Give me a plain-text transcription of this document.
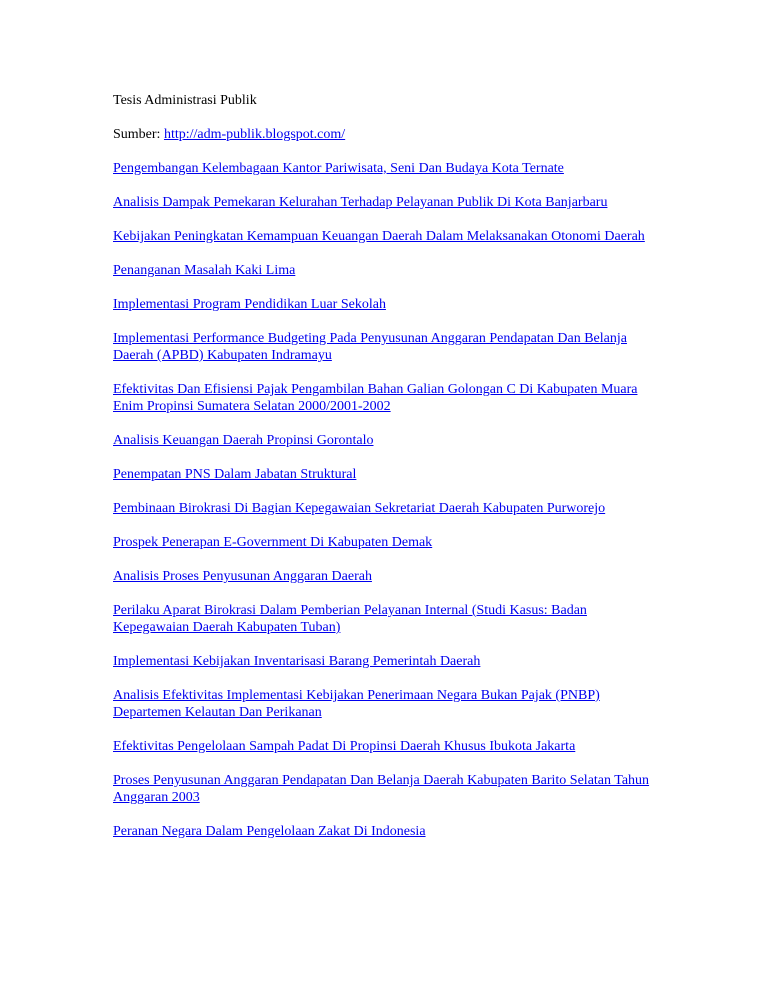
Tesis Administrasi Publik

Sumber: http://adm-publik.blogspot.com/

Pengembangan Kelembagaan Kantor Pariwisata, Seni Dan Budaya Kota Ternate
Analisis Dampak Pemekaran Kelurahan Terhadap Pelayanan Publik Di Kota Banjarbaru
Kebijakan Peningkatan Kemampuan Keuangan Daerah Dalam Melaksanakan Otonomi Daerah
Penanganan Masalah Kaki Lima
Implementasi Program Pendidikan Luar Sekolah
Implementasi Performance Budgeting Pada Penyusunan Anggaran Pendapatan Dan Belanja Daerah (APBD) Kabupaten Indramayu
Efektivitas Dan Efisiensi Pajak Pengambilan Bahan Galian Golongan C Di Kabupaten Muara Enim Propinsi Sumatera Selatan 2000/2001-2002
Analisis Keuangan Daerah Propinsi Gorontalo
Penempatan PNS Dalam Jabatan Struktural
Pembinaan Birokrasi Di Bagian Kepegawaian Sekretariat Daerah Kabupaten Purworejo
Prospek Penerapan E-Government Di Kabupaten Demak
Analisis Proses Penyusunan Anggaran Daerah
Perilaku Aparat Birokrasi Dalam Pemberian Pelayanan Internal (Studi Kasus: Badan Kepegawaian Daerah Kabupaten Tuban)
Implementasi Kebijakan Inventarisasi Barang Pemerintah Daerah
Analisis Efektivitas Implementasi Kebijakan Penerimaan Negara Bukan Pajak (PNBP) Departemen Kelautan Dan Perikanan
Efektivitas Pengelolaan Sampah Padat Di Propinsi Daerah Khusus Ibukota Jakarta
Proses Penyusunan Anggaran Pendapatan Dan Belanja Daerah Kabupaten Barito Selatan Tahun Anggaran 2003
Peranan Negara Dalam Pengelolaan Zakat Di Indonesia
